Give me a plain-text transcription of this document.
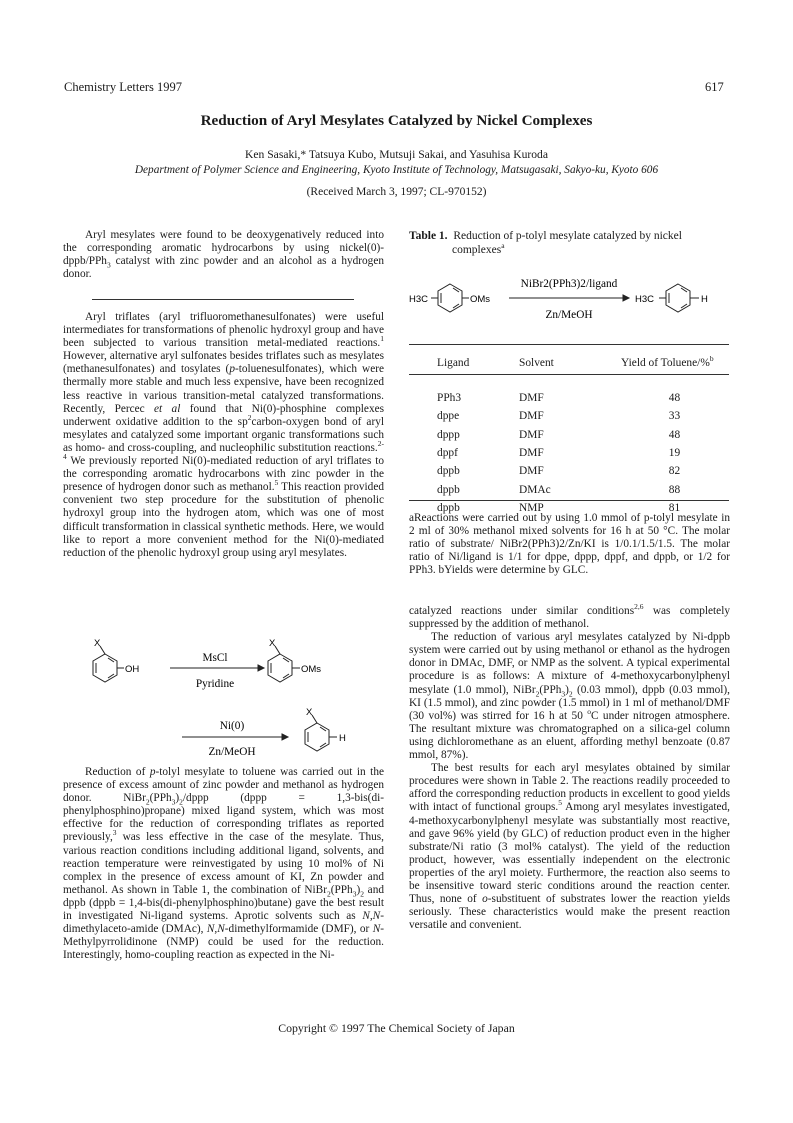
Chemistry Letters 1997	617
Reduction of Aryl Mesylates Catalyzed by Nickel Complexes
Ken Sasaki,* Tatsuya Kubo, Mutsuji Sakai, and Yasuhisa Kuroda
Department of Polymer Science and Engineering, Kyoto Institute of Technology, Matsugasaki, Sakyo-ku, Kyoto 606
(Received March 3, 1997; CL-970152)

Aryl mesylates were found to be deoxygenatively reduced into the corresponding aromatic hydrocarbons by using nickel(0)-dppb/PPh$_3$ catalyst with zinc powder and an alcohol as a hydrogen donor.

Aryl triflates (aryl trifluoromethanesulfonates) were useful intermediates for transformations of phenolic hydroxyl group and have been subjected to various transition metal-mediated reactions.$^1$ However, alternative aryl sulfonates besides triflates such as mesylates (methanesulfonates) and tosylates (p-toluenesulfonates), which were thermally more stable and much less expensive, have been recognized less reactive in various transition-metal catalyzed transformations. Recently, Percec et al found that Ni(0)-phosphine complexes underwent oxidative addition to the $sp^2carbon$-oxygen bond of aryl mesylates and catalyzed some important organic transformations such as homo- and cross-coupling, and nucleophilic substitution reactions.$^{2-4}$ We previously reported Ni(0)-mediated reduction of aryl triflates to the corresponding aromatic hydrocarbons with zinc powder in the presence of hydrogen donor such as methanol.$^5$ This reaction provided convenient two step procedure for the substitution of phenolic hydroxyl group into the hydrogen atom, which was one of most difficult transformation in classical synthetic methods. Here, we would like to report a more convenient method for the Ni(0)-mediated reduction of the phenolic hydroxyl group using aryl mesylates.

X
OH
X
OMs
X
H
MsCl
Pyridine
Ni(0)
Zn/MeOH

Reduction of p-tolyl mesylate to toluene was carried out in the presence of excess amount of zinc powder and methanol as hydrogen donor. $NiBr_2(PPh_3)_2$/dppp (dppp = 1,3-bis(di-phenylphosphino)propane) mixed ligand system, which was most effective for the reduction of corresponding triflates as reported previously,$^3$ was less effective in the case of the mesylate. Thus, various reaction conditions including additional ligand, solvents, and reaction temperature were reinvestigated by using 10 mol% of Ni complex in the presence of excess amount of KI, Zn powder and methanol. As shown in Table 1, the combination of $NiBr_2(PPh_3)_2$ and dppb (dppb = 1,4-bis(di-phenylphosphino)butane) gave the best result in investigated Ni-ligand systems. Aprotic solvents such as N,N-dimethylaceto-amide (DMAc), N,N-dimethylformamide (DMF), or N-Methylpyrrolidinone (NMP) could be used for the reduction. Interestingly, homo-coupling reaction as expected in the Ni-

Table 1. Reduction of p-tolyl mesylate catalyzed by nickel
complexes$^a$
H3C	OMs	H3C	H
NiBr2(PPh3)2/ligand
Zn/MeOH
Ligand	Solvent	Yield of Toluene/%$^b$

PPh3	DMF	48
dppe	DMF	33
dppp	DMF	48
dppf	DMF	19
dppb	DMF	82
dppb	DMAc	88
dppb	NMP	81
aReactions were carried out by using 1.0 mmol of p-tolyl mesylate in 2 ml of 30% methanol mixed solvents for 16 h at 50 °C. The molar ratio of substrate/ NiBr2(PPh3)2/Zn/KI is 1/0.1/1.5/1.5. The molar ratio of Ni/ligand is 1/1 for dppe, dppp, dppf, and dppb, or 1/2 for PPh3. bYields were determine by GLC.

catalyzed reactions under similar conditions$^{2,6}$ was completely suppressed by the addition of methanol.

The reduction of various aryl mesylates catalyzed by Ni-dppb system were carried out by using methanol or ethanol as the hydrogen donor in DMAc, DMF, or NMP as the solvent. A typical experimental procedure is as follows: A mixture of 4-methoxycarbonylphenyl mesylate (1.0 mmol), $NiBr_2(PPh_3)_2$ (0.03 mmol), dppb (0.03 mmol), KI (1.5 mmol), and zinc powder (1.5 mmol) in 1 ml of methanol/DMF (30 vol%) was stirred for 16 h at 50 $^o$C under nitrogen atmosphere. The resultant mixture was chromatographed on a silica-gel column using dichloromethane as an eluent, affording methyl benzoate (0.87 mmol, 87%).

The best results for each aryl mesylates obtained by similar procedures were shown in Table 2. The reactions readily proceeded to afford the corresponding reduction products in excellent to good yields with intact of functional groups.$^5$ Among aryl mesylates investigated, 4-methoxycarbonylphenyl mesylate was substantially most reactive, and gave 96% yield (by GLC) of reduction product even in the higher substrate/Ni ratio (3 mol% catalyst). The yield of the reduction product, however, was essentially independent on the electronic properties of the aryl moiety. Furthermore, the reaction also seems to be insensitive toward steric conditions around the reaction center. Thus, none of o-substituent of substrates lower the reaction yields seriously. These characteristics would make the present reaction versatile and convenient.

Copyright © 1997 The Chemical Society of Japan
